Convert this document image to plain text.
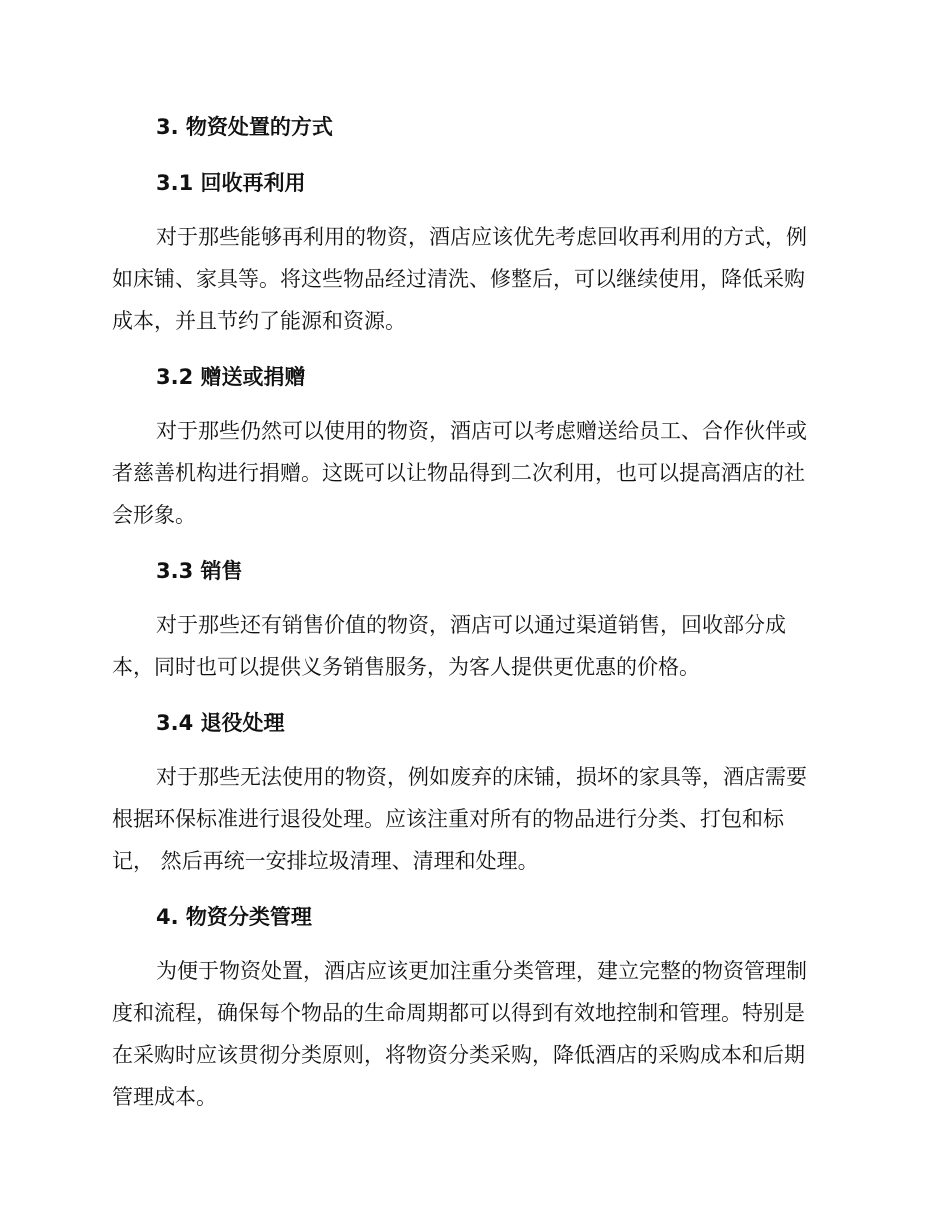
3. 物资处置的方式
3.1 回收再利用
对于那些能够再利用的物资，酒店应该优先考虑回收再利用的方式，例
如床铺、家具等。将这些物品经过清洗、修整后，可以继续使用，降低采购
成本，并且节约了能源和资源。
3.2 赠送或捐赠
对于那些仍然可以使用的物资，酒店可以考虑赠送给员工、合作伙伴或
者慈善机构进行捐赠。这既可以让物品得到二次利用，也可以提高酒店的社
会形象。
3.3 销售
对于那些还有销售价值的物资，酒店可以通过渠道销售，回收部分成
本，同时也可以提供义务销售服务，为客人提供更优惠的价格。
3.4 退役处理
对于那些无法使用的物资，例如废弃的床铺，损坏的家具等，酒店需要
根据环保标准进行退役处理。应该注重对所有的物品进行分类、打包和标
记， 然后再统一安排垃圾清理、清理和处理。
4. 物资分类管理
为便于物资处置，酒店应该更加注重分类管理，建立完整的物资管理制
度和流程，确保每个物品的生命周期都可以得到有效地控制和管理。特别是
在采购时应该贯彻分类原则，将物资分类采购，降低酒店的采购成本和后期
管理成本。
